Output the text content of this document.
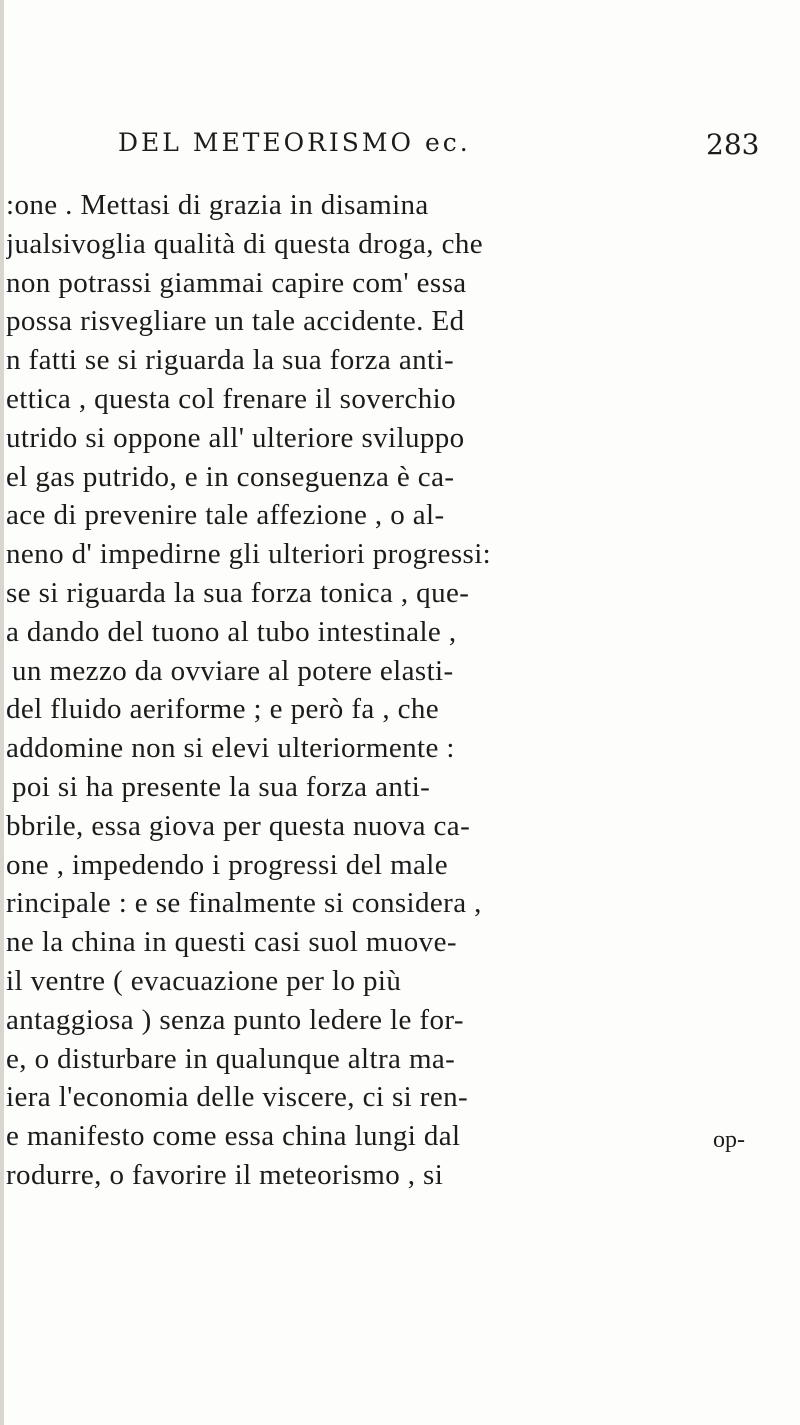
DEL METEORISMO ec.	283
:one . Mettasi di grazia in disamina
jualsivoglia qualità di questa droga, che
non potrassi giammai capire com' essa
possa risvegliare un tale accidente. Ed
n fatti se si riguarda la sua forza anti-
ettica , questa col frenare il soverchio
utrido si oppone all' ulteriore sviluppo
el gas putrido, e in conseguenza è ca-
ace di prevenire tale affezione , o al-
neno d' impedirne gli ulteriori progressi:
se si riguarda la sua forza tonica , que-
a dando del tuono al tubo intestinale ,
un mezzo da ovviare al potere elasti-
del fluido aeriforme ; e però fa , che
addomine non si elevi ulteriormente :
poi si ha presente la sua forza anti-
bbrile, essa giova per questa nuova ca-
one , impedendo i progressi del male
rincipale : e se finalmente si considera ,
ne la china in questi casi suol muove-
il ventre ( evacuazione per lo più
antaggiosa ) senza punto ledere le for-
e, o disturbare in qualunque altra ma-
iera l'economia delle viscere, ci si ren-
e manifesto come essa china lungi dal
rodurre, o favorire il meteorismo , si
op-
